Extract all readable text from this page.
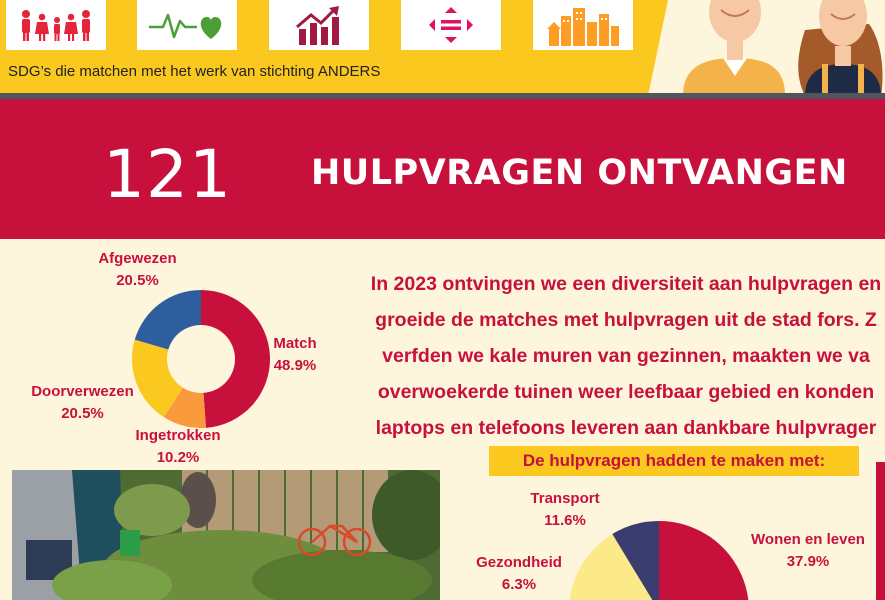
SDG’s die matchen met het werk van stichting ANDERS
121 HULPVRAGEN ONTVANGEN
Afgewezen
20.5%
Match
48.9%
Doorverwezen
20.5%
Ingetrokken
10.2%
In 2023 ontvingen we een diversiteit aan hulpvragen en
groeide de matches met hulpvragen uit de stad fors. Z
verfden we kale muren van gezinnen, maakten we va
overwoekerde tuinen weer leefbaar gebied en konden
laptops en telefoons leveren aan dankbare hulpvrager
De hulpvragen hadden te maken met:
Transport
11.6%
Gezondheid
6.3%
Wonen en leven
37.9%
